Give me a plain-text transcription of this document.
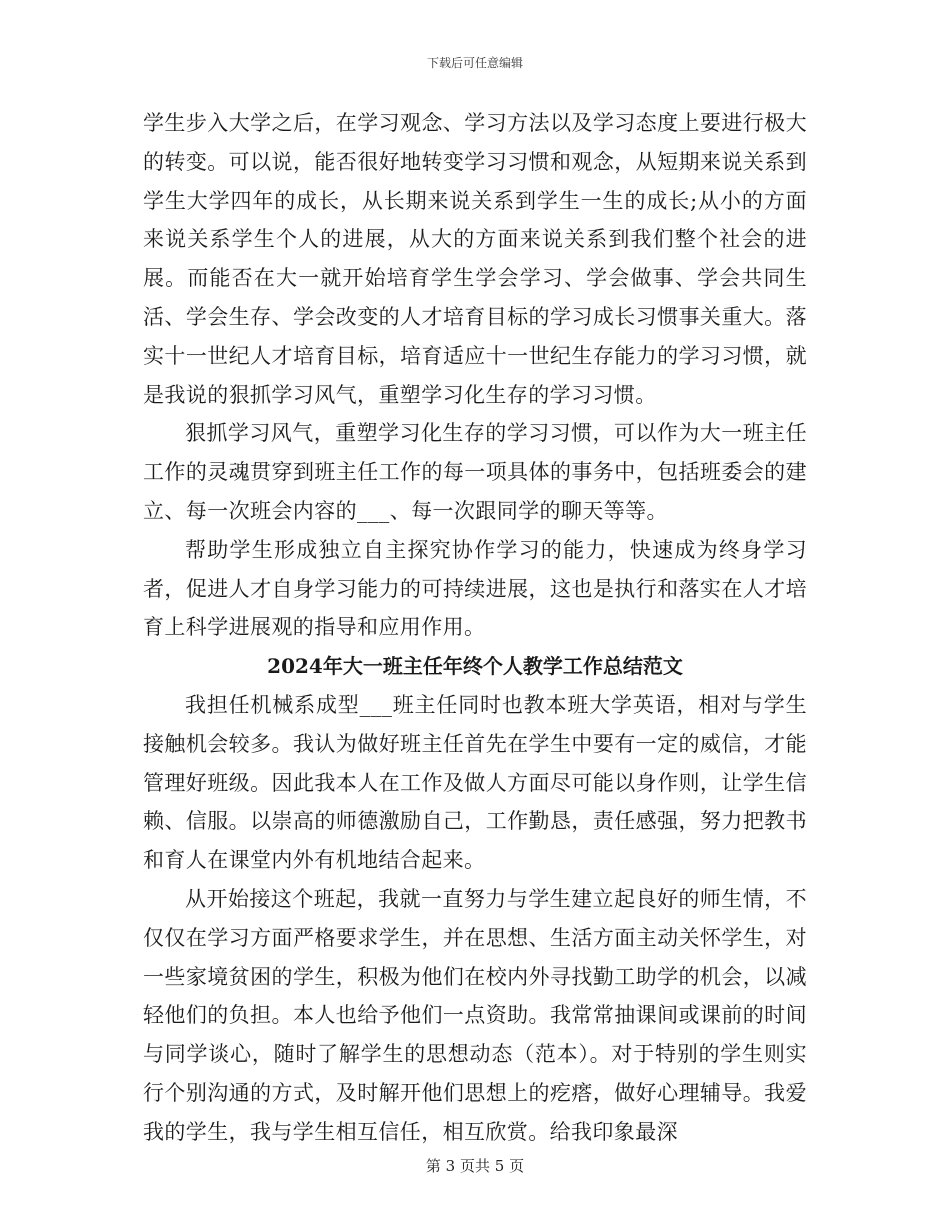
下载后可任意编辑

学生步入大学之后，在学习观念、学习方法以及学习态度上要进行极大的转变。可以说，能否很好地转变学习习惯和观念，从短期来说关系到学生大学四年的成长，从长期来说关系到学生一生的成长;从小的方面来说关系学生个人的进展，从大的方面来说关系到我们整个社会的进展。而能否在大一就开始培育学生学会学习、学会做事、学会共同生活、学会生存、学会改变的人才培育目标的学习成长习惯事关重大。落实十一世纪人才培育目标，培育适应十一世纪生存能力的学习习惯，就是我说的狠抓学习风气，重塑学习化生存的学习习惯。

狠抓学习风气，重塑学习化生存的学习习惯，可以作为大一班主任工作的灵魂贯穿到班主任工作的每一项具体的事务中，包括班委会的建立、每一次班会内容的___、每一次跟同学的聊天等等。

帮助学生形成独立自主探究协作学习的能力，快速成为终身学习者，促进人才自身学习能力的可持续进展，这也是执行和落实在人才培育上科学进展观的指导和应用作用。

2024年大一班主任年终个人教学工作总结范文

我担任机械系成型___班主任同时也教本班大学英语，相对与学生接触机会较多。我认为做好班主任首先在学生中要有一定的威信，才能管理好班级。因此我本人在工作及做人方面尽可能以身作则，让学生信赖、信服。以崇高的师德激励自己，工作勤恳，责任感强，努力把教书和育人在课堂内外有机地结合起来。

从开始接这个班起，我就一直努力与学生建立起良好的师生情，不仅仅在学习方面严格要求学生，并在思想、生活方面主动关怀学生，对一些家境贫困的学生，积极为他们在校内外寻找勤工助学的机会，以减轻他们的负担。本人也给予他们一点资助。我常常抽课间或课前的时间与同学谈心，随时了解学生的思想动态（范本）。对于特别的学生则实行个别沟通的方式，及时解开他们思想上的疙瘩，做好心理辅导。我爱我的学生，我与学生相互信任，相互欣赏。给我印象最深

第 3 页共 5 页
